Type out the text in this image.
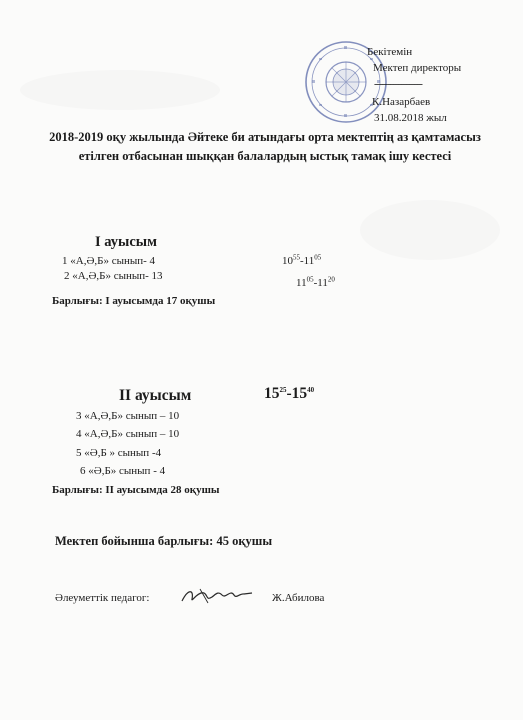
Бекітемін
Мектеп директоры
------------------
К.Назарбаев
31.08.2018 жыл
2018-2019 оқу жылында Әйтеке би атындағы орта мектептің аз қамтамасыз етілген отбасынан шыққан балалардың ыстық тамақ ішу кестесі
I ауысым
1 «А,Ә,Б» сынып- 4	$10^{55}-11^{05}$
2 «А,Ә,Б» сынып- 13
$11^{05}-11^{20}$
Барлығы: I ауысымда 17 оқушы
II ауысым	$15^{25}-15^{40}$
3 «А,Ә,Б» сынып – 10
4 «А,Ә,Б» сынып – 10
5 «Ә,Б » сынып -4
6 «Ә,Б» сынып - 4
Барлығы: II ауысымда 28 оқушы
Мектеп бойынша барлығы: 45 оқушы
Әлеуметтік педагог:	Ж.Абилова
